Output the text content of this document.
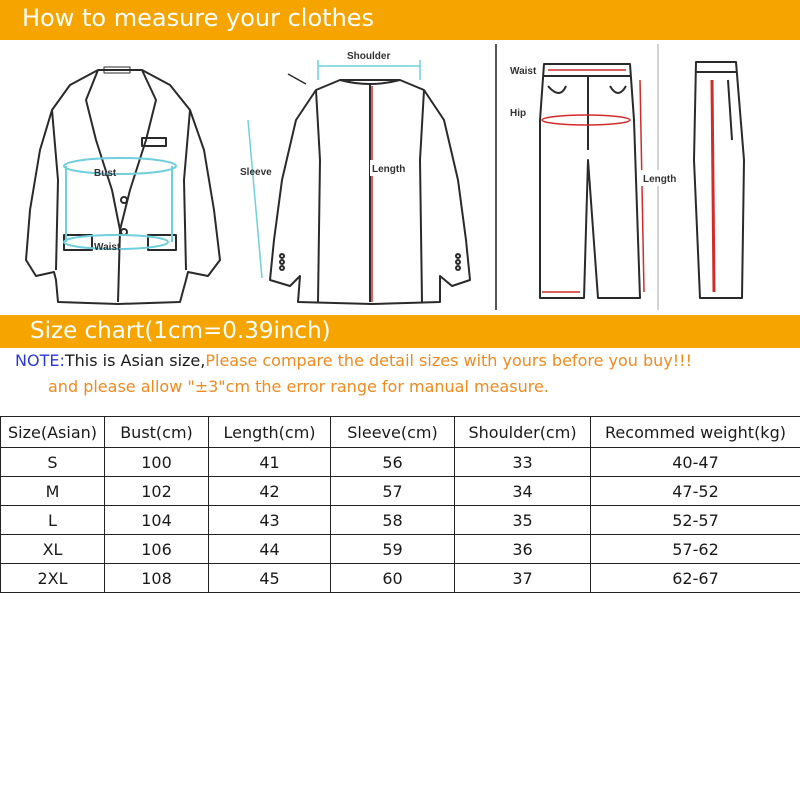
How to measure your clothes
Bust
Waist
Shoulder
Sleeve	Length
Waist
Hip
Length
Size chart(1cm=0.39inch)
NOTE:This is Asian size,Please compare the detail sizes with yours before you buy!!!
and please allow "±3"cm the error range for manual measure.
Size(Asian)	Bust(cm)	Length(cm)	Sleeve(cm)	Shoulder(cm)	Recommed weight(kg)
S	100	41	56	33	40-47
M	102	42	57	34	47-52
L	104	43	58	35	52-57
XL	106	44	59	36	57-62
2XL	108	45	60	37	62-67
